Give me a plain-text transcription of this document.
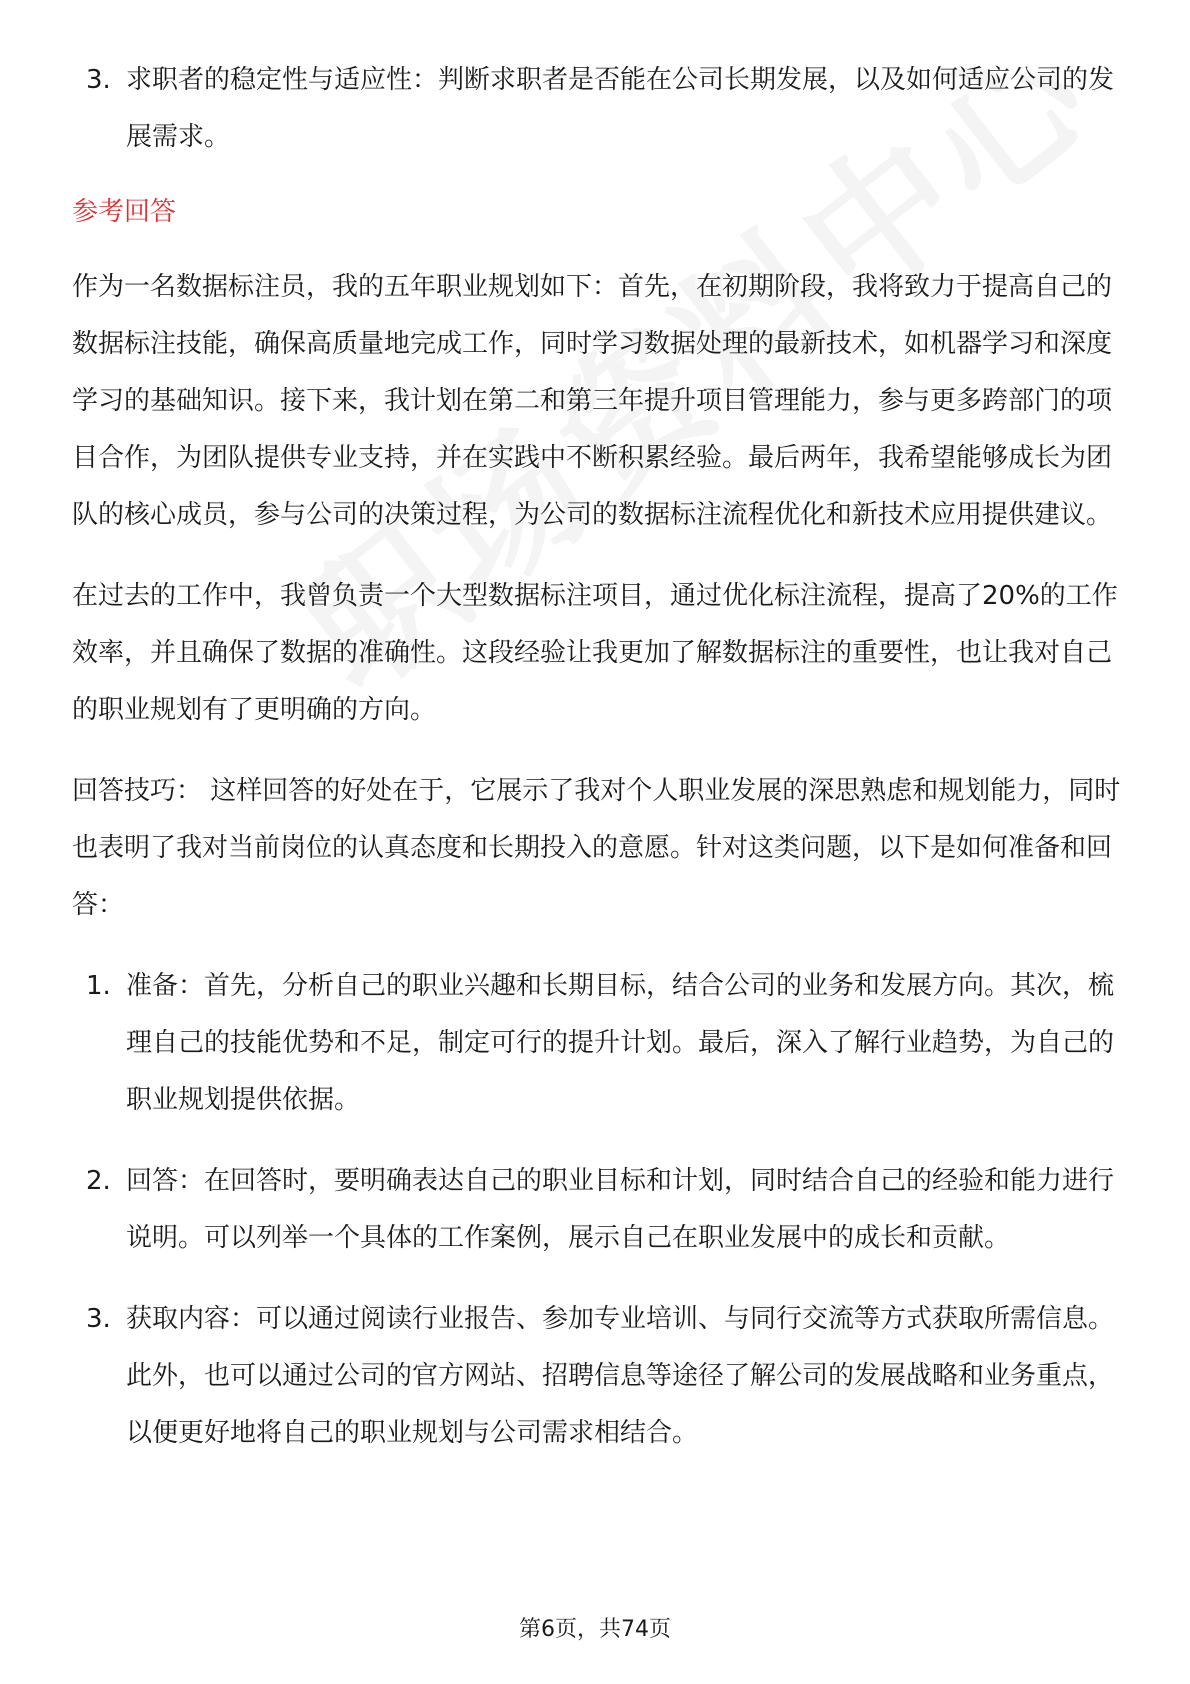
3. 求职者的稳定性与适应性：判断求职者是否能在公司长期发展，以及如何适应公司的发展需求。

参考回答

作为一名数据标注员，我的五年职业规划如下：首先，在初期阶段，我将致力于提高自己的数据标注技能，确保高质量地完成工作，同时学习数据处理的最新技术，如机器学习和深度学习的基础知识。接下来，我计划在第二和第三年提升项目管理能力，参与更多跨部门的项目合作，为团队提供专业支持，并在实践中不断积累经验。最后两年，我希望能够成长为团队的核心成员，参与公司的决策过程，为公司的数据标注流程优化和新技术应用提供建议。

在过去的工作中，我曾负责一个大型数据标注项目，通过优化标注流程，提高了20%的工作效率，并且确保了数据的准确性。这段经验让我更加了解数据标注的重要性，也让我对自己的职业规划有了更明确的方向。

回答技巧： 这样回答的好处在于，它展示了我对个人职业发展的深思熟虑和规划能力，同时也表明了我对当前岗位的认真态度和长期投入的意愿。针对这类问题，以下是如何准备和回答：

1. 准备：首先，分析自己的职业兴趣和长期目标，结合公司的业务和发展方向。其次，梳理自己的技能优势和不足，制定可行的提升计划。最后，深入了解行业趋势，为自己的职业规划提供依据。
2. 回答：在回答时，要明确表达自己的职业目标和计划，同时结合自己的经验和能力进行说明。可以列举一个具体的工作案例，展示自己在职业发展中的成长和贡献。
3. 获取内容：可以通过阅读行业报告、参加专业培训、与同行交流等方式获取所需信息。此外，也可以通过公司的官方网站、招聘信息等途径了解公司的发展战略和业务重点，以便更好地将自己的职业规划与公司需求相结合。
第6页，共74页
